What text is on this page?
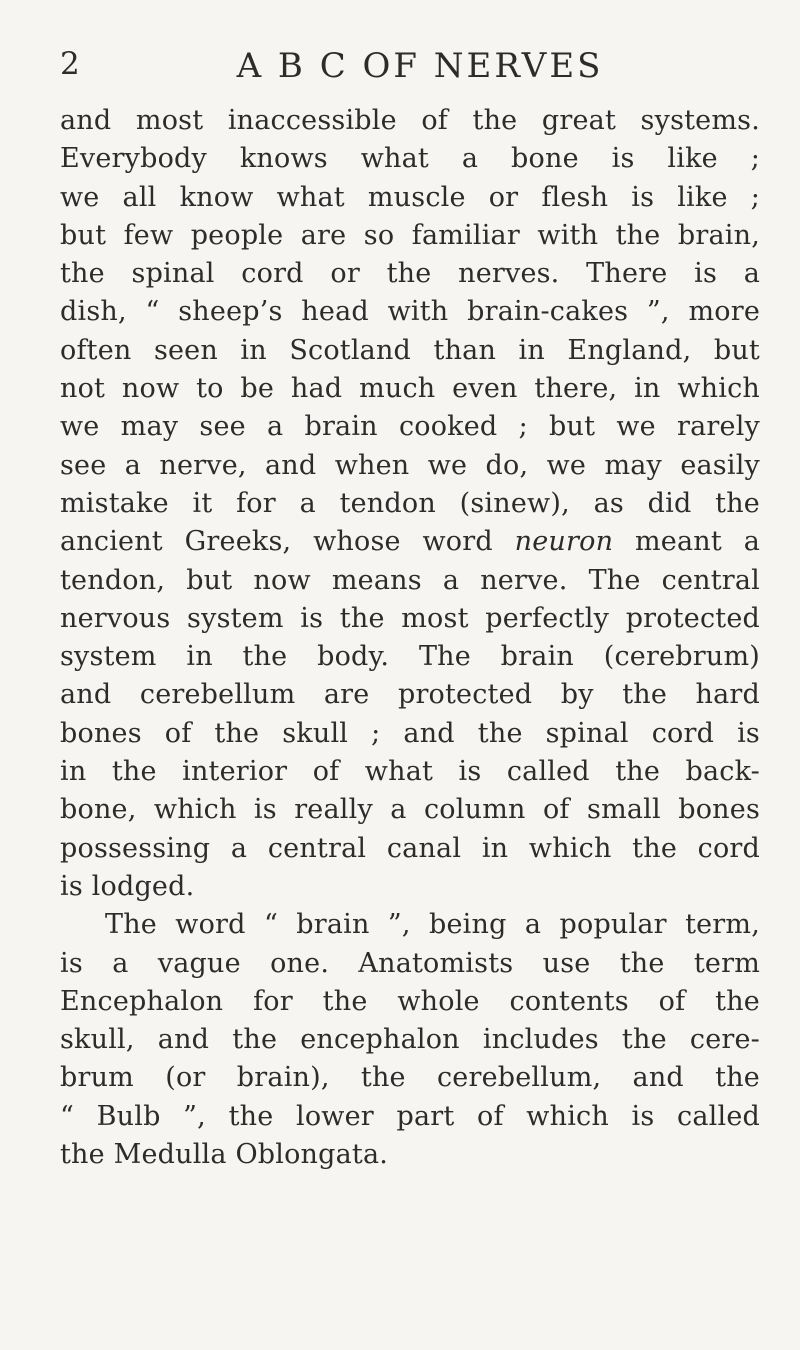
2	A B C OF NERVES
and most inaccessible of the great systems.
Everybody knows what a bone is like ;
we all know what muscle or flesh is like ;
but few people are so familiar with the brain,
the spinal cord or the nerves. There is a
dish, “ sheep’s head with brain-cakes ”, more
often seen in Scotland than in England, but
not now to be had much even there, in which
we may see a brain cooked ; but we rarely
see a nerve, and when we do, we may easily
mistake it for a tendon (sinew), as did the
ancient Greeks, whose word neuron meant a
tendon, but now means a nerve. The central
nervous system is the most perfectly protected
system in the body. The brain (cerebrum)
and cerebellum are protected by the hard
bones of the skull ; and the spinal cord is
in the interior of what is called the back-
bone, which is really a column of small bones
possessing a central canal in which the cord
is lodged.
The word “ brain ”, being a popular term,
is a vague one. Anatomists use the term
Encephalon for the whole contents of the
skull, and the encephalon includes the cere-
brum (or brain), the cerebellum, and the
“ Bulb ”, the lower part of which is called
the Medulla Oblongata.
